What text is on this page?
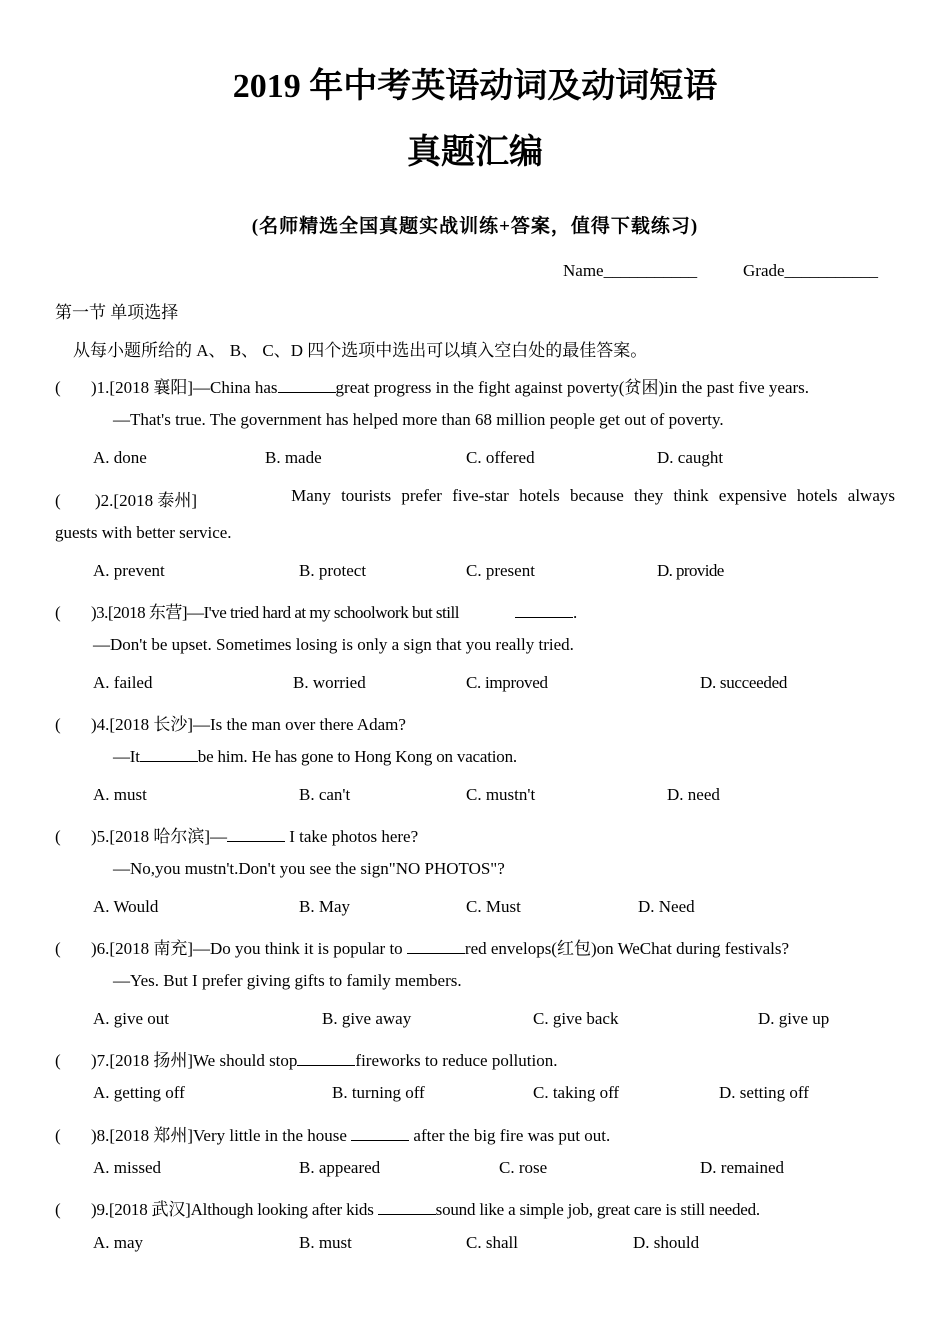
2019 年中考英语动词及动词短语
真题汇编
(名师精选全国真题实战训练+答案，值得下载练习)
Name___________	Grade___________
第一节 单项选择
从每小题所给的 A、 B、 C、D 四个选项中选出可以填入空白处的最佳答案。
( )1.[2018 襄阳]—China has	great progress in the fight against poverty(贫困)in the past five years.
—That's true. The government has helped more than 68 million people get out of poverty.
A. done	B. made	C. offered	D. caught
( )2.[2018 泰州]	Many tourists prefer five-star hotels because they think expensive hotels always
guests with better service.
A. prevent	B. protect	C. present	D. provide
( )3.[2018 东营]—I've tried hard at my schoolwork but still	.
—Don't be upset. Sometimes losing is only a sign that you really tried.
A. failed	B. worried	C. improved	D. succeeded
( )4.[2018 长沙]—Is the man over there Adam?
—It	be him. He has gone to Hong Kong on vacation.
A. must	B. can't	C. mustn't	D. need
( )5.[2018 哈尔滨]—	I take photos here?
—No,you mustn't.Don't you see the sign"NO PHOTOS"?
A. Would	B. May	C. Must	D. Need
( )6.[2018 南充]—Do you think it is popular to	red envelops(红包)on WeChat during festivals?
—Yes. But I prefer giving gifts to family members.
A. give out	B. give away	C. give back	D. give up
( )7.[2018 扬州]We should stop	fireworks to reduce pollution.
A. getting off	B. turning off	C. taking off	D. setting off
( )8.[2018 郑州]Very little in the house	after the big fire was put out.
A. missed	B. appeared	C. rose	D. remained
( )9.[2018 武汉]Although looking after kids	sound like a simple job, great care is still needed.
A. may	B. must	C. shall	D. should
